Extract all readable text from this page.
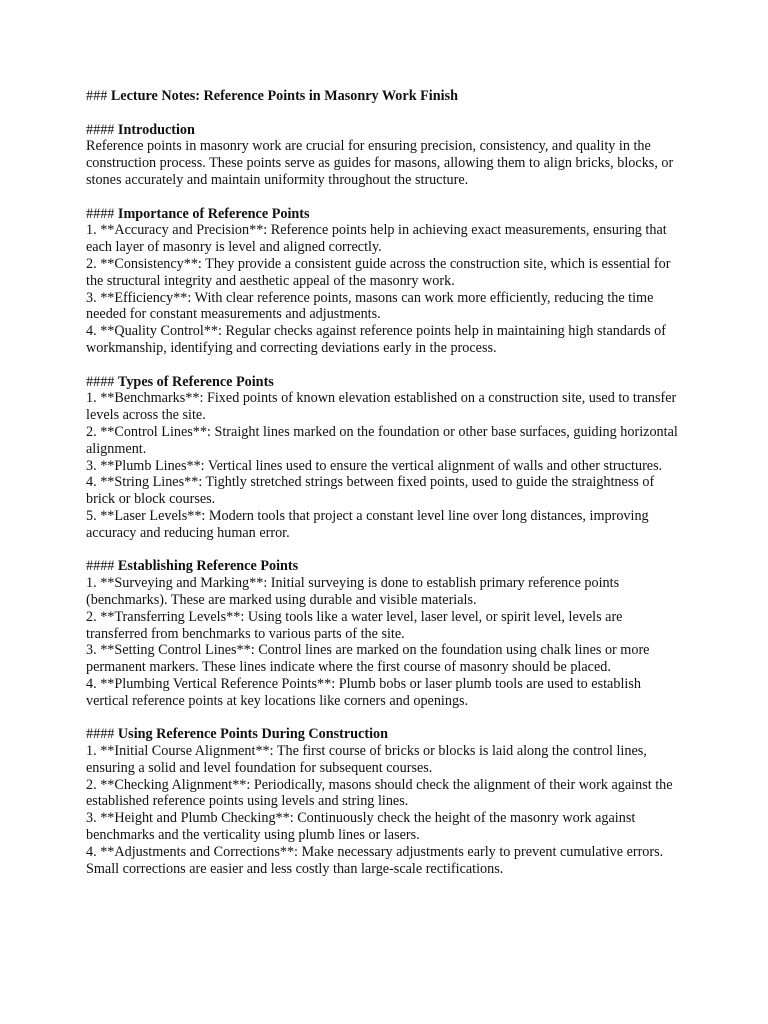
### Lecture Notes: Reference Points in Masonry Work Finish

#### Introduction

Reference points in masonry work are crucial for ensuring precision, consistency, and quality in the construction process. These points serve as guides for masons, allowing them to align bricks, blocks, or stones accurately and maintain uniformity throughout the structure.

#### Importance of Reference Points

1. **Accuracy and Precision**: Reference points help in achieving exact measurements, ensuring that each layer of masonry is level and aligned correctly.

2. **Consistency**: They provide a consistent guide across the construction site, which is essential for the structural integrity and aesthetic appeal of the masonry work.

3. **Efficiency**: With clear reference points, masons can work more efficiently, reducing the time needed for constant measurements and adjustments.

4. **Quality Control**: Regular checks against reference points help in maintaining high standards of workmanship, identifying and correcting deviations early in the process.

#### Types of Reference Points

1. **Benchmarks**: Fixed points of known elevation established on a construction site, used to transfer levels across the site.

2. **Control Lines**: Straight lines marked on the foundation or other base surfaces, guiding horizontal alignment.

3. **Plumb Lines**: Vertical lines used to ensure the vertical alignment of walls and other structures.

4. **String Lines**: Tightly stretched strings between fixed points, used to guide the straightness of brick or block courses.

5. **Laser Levels**: Modern tools that project a constant level line over long distances, improving accuracy and reducing human error.

#### Establishing Reference Points

1. **Surveying and Marking**: Initial surveying is done to establish primary reference points (benchmarks). These are marked using durable and visible materials.

2. **Transferring Levels**: Using tools like a water level, laser level, or spirit level, levels are transferred from benchmarks to various parts of the site.

3. **Setting Control Lines**: Control lines are marked on the foundation using chalk lines or more permanent markers. These lines indicate where the first course of masonry should be placed.

4. **Plumbing Vertical Reference Points**: Plumb bobs or laser plumb tools are used to establish vertical reference points at key locations like corners and openings.

#### Using Reference Points During Construction

1. **Initial Course Alignment**: The first course of bricks or blocks is laid along the control lines, ensuring a solid and level foundation for subsequent courses.

2. **Checking Alignment**: Periodically, masons should check the alignment of their work against the established reference points using levels and string lines.

3. **Height and Plumb Checking**: Continuously check the height of the masonry work against benchmarks and the verticality using plumb lines or lasers.

4. **Adjustments and Corrections**: Make necessary adjustments early to prevent cumulative errors. Small corrections are easier and less costly than large-scale rectifications.
